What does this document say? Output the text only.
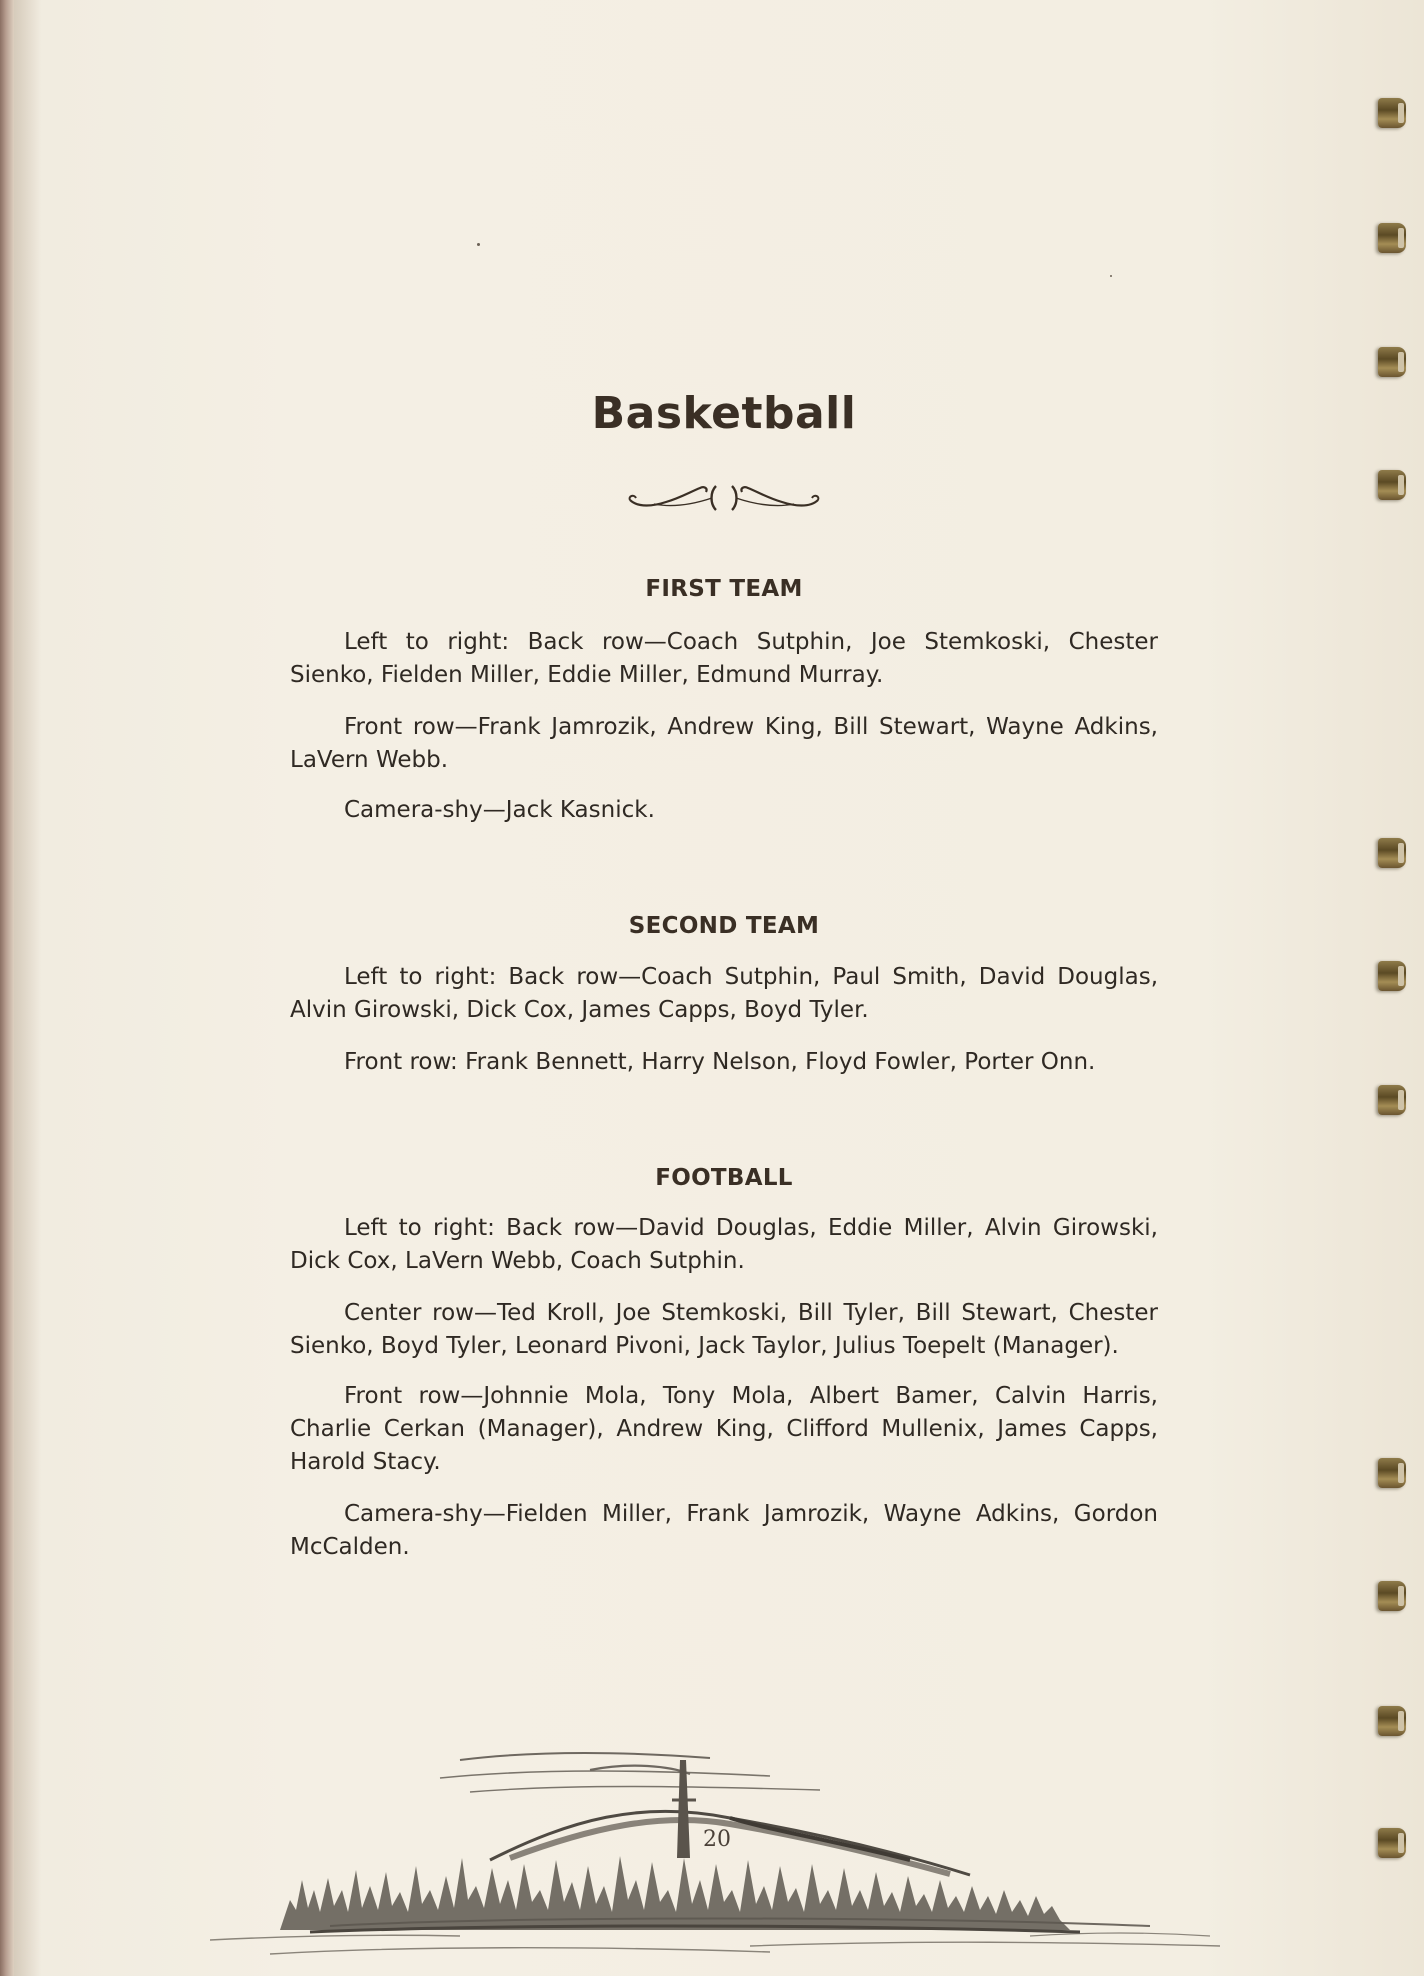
Basketball
FIRST TEAM

Left to right: Back row—Coach Sutphin, Joe Stemkoski, Chester Sienko, Fielden Miller, Eddie Miller, Edmund Murray.

Front row—Frank Jamrozik, Andrew King, Bill Stewart, Wayne Adkins, LaVern Webb.

Camera-shy—Jack Kasnick.

SECOND TEAM

Left to right: Back row—Coach Sutphin, Paul Smith, David Douglas, Alvin Girowski, Dick Cox, James Capps, Boyd Tyler.

Front row: Frank Bennett, Harry Nelson, Floyd Fowler, Porter Onn.

FOOTBALL

Left to right: Back row—David Douglas, Eddie Miller, Alvin Girowski, Dick Cox, LaVern Webb, Coach Sutphin.

Center row—Ted Kroll, Joe Stemkoski, Bill Tyler, Bill Stewart, Chester Sienko, Boyd Tyler, Leonard Pivoni, Jack Taylor, Julius Toepelt (Manager).

Front row—Johnnie Mola, Tony Mola, Albert Bamer, Calvin Harris, Charlie Cerkan (Manager), Andrew King, Clifford Mullenix, James Capps, Harold Stacy.

Camera-shy—Fielden Miller, Frank Jamrozik, Wayne Adkins, Gordon McCalden.

20
